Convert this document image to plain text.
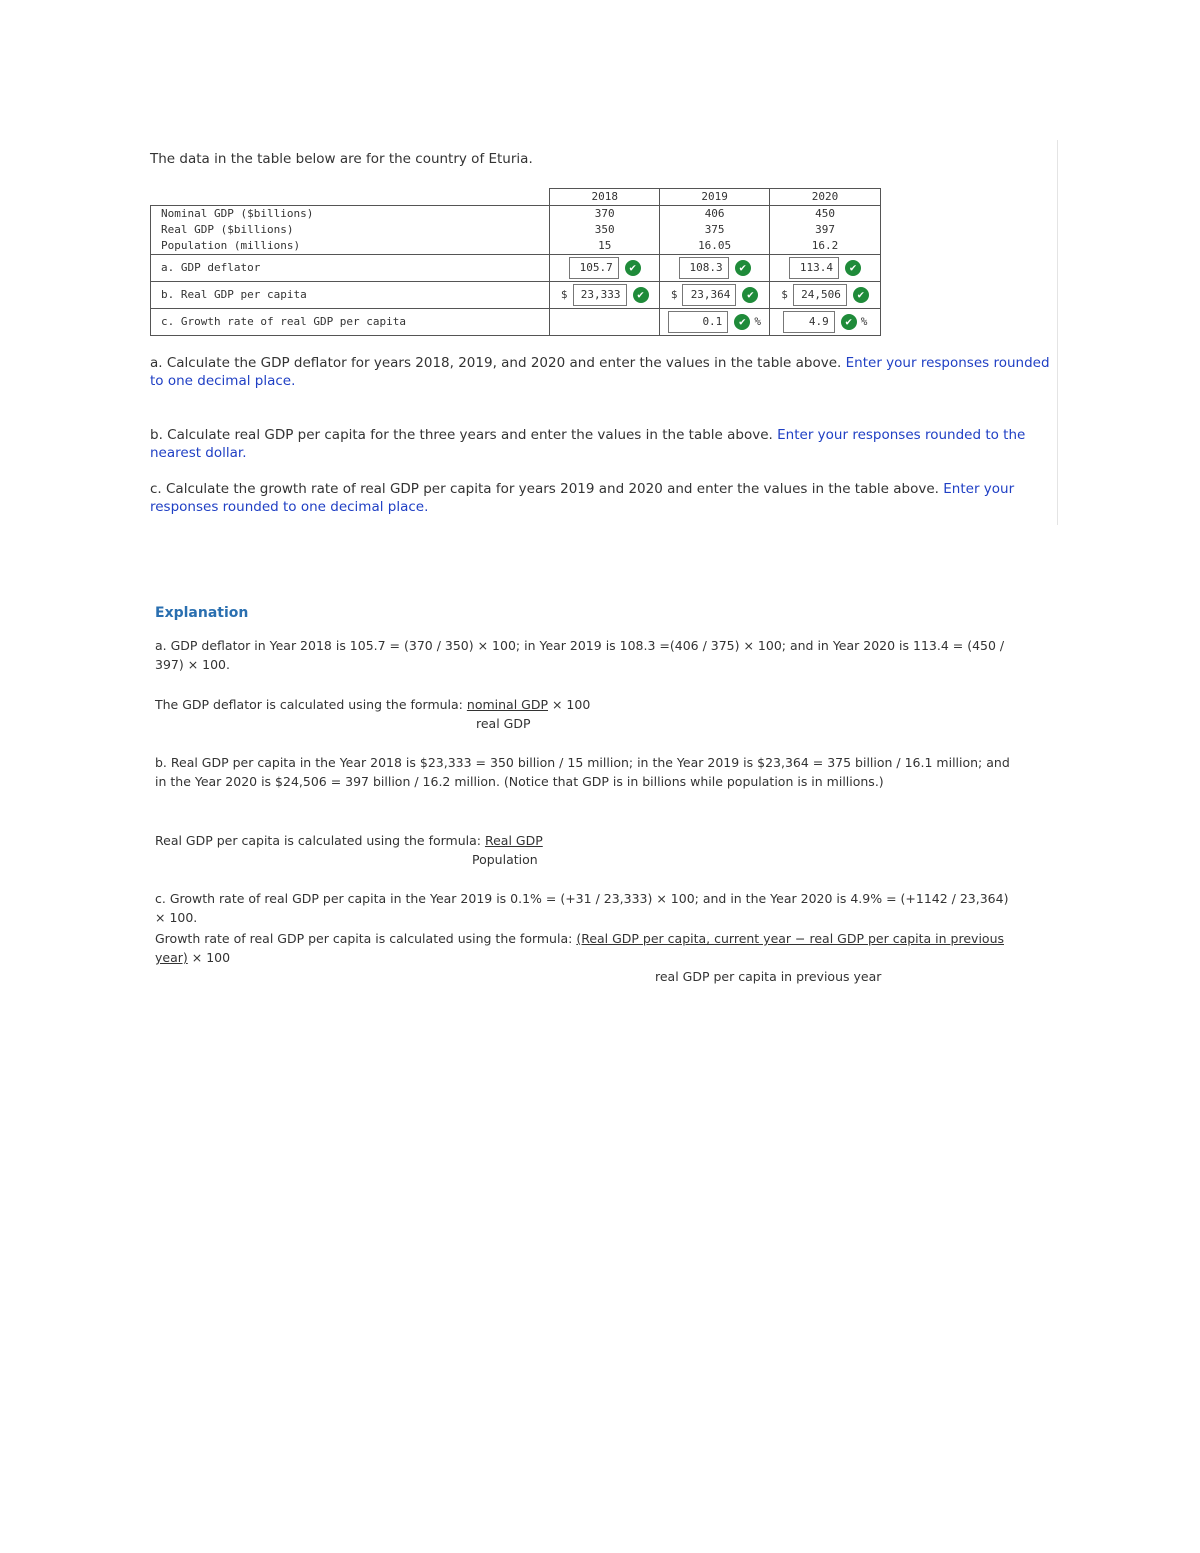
The data in the table below are for the country of Eturia.
	2018	2019	2020
Nominal GDP ($billions)	370	406	450
Real GDP ($billions)	350	375	397
Population (millions)	15	16.05	16.2
a. GDP deflator	105.7 ✔	108.3 ✔	113.4 ✔
b. Real GDP per capita	$ 23,333 ✔	$ 23,364 ✔	$ 24,506 ✔
c. Growth rate of real GDP per capita		0.1 ✔ %	4.9 ✔ %
a. Calculate the GDP deflator for years 2018, 2019, and 2020 and enter the values in the table above. Enter your responses rounded to one decimal place.
b. Calculate real GDP per capita for the three years and enter the values in the table above. Enter your responses rounded to the nearest dollar.
c. Calculate the growth rate of real GDP per capita for years 2019 and 2020 and enter the values in the table above. Enter your responses rounded to one decimal place.
Explanation
a. GDP deflator in Year 2018 is 105.7 = (370 / 350) × 100; in Year 2019 is 108.3 =(406 / 375) × 100; and in Year 2020 is 113.4 = (450 / 397) × 100.
The GDP deflator is calculated using the formula: nominal GDP × 100
real GDP
b. Real GDP per capita in the Year 2018 is $23,333 = 350 billion / 15 million; in the Year 2019 is $23,364 = 375 billion / 16.1 million; and in the Year 2020 is $24,506 = 397 billion / 16.2 million. (Notice that GDP is in billions while population is in millions.)
Real GDP per capita is calculated using the formula: Real GDP
Population
c. Growth rate of real GDP per capita in the Year 2019 is 0.1% = (+31 / 23,333) × 100; and in the Year 2020 is 4.9% = (+1142 / 23,364) × 100.
Growth rate of real GDP per capita is calculated using the formula: (Real GDP per capita, current year − real GDP per capita in previous year) × 100
real GDP per capita in previous year
